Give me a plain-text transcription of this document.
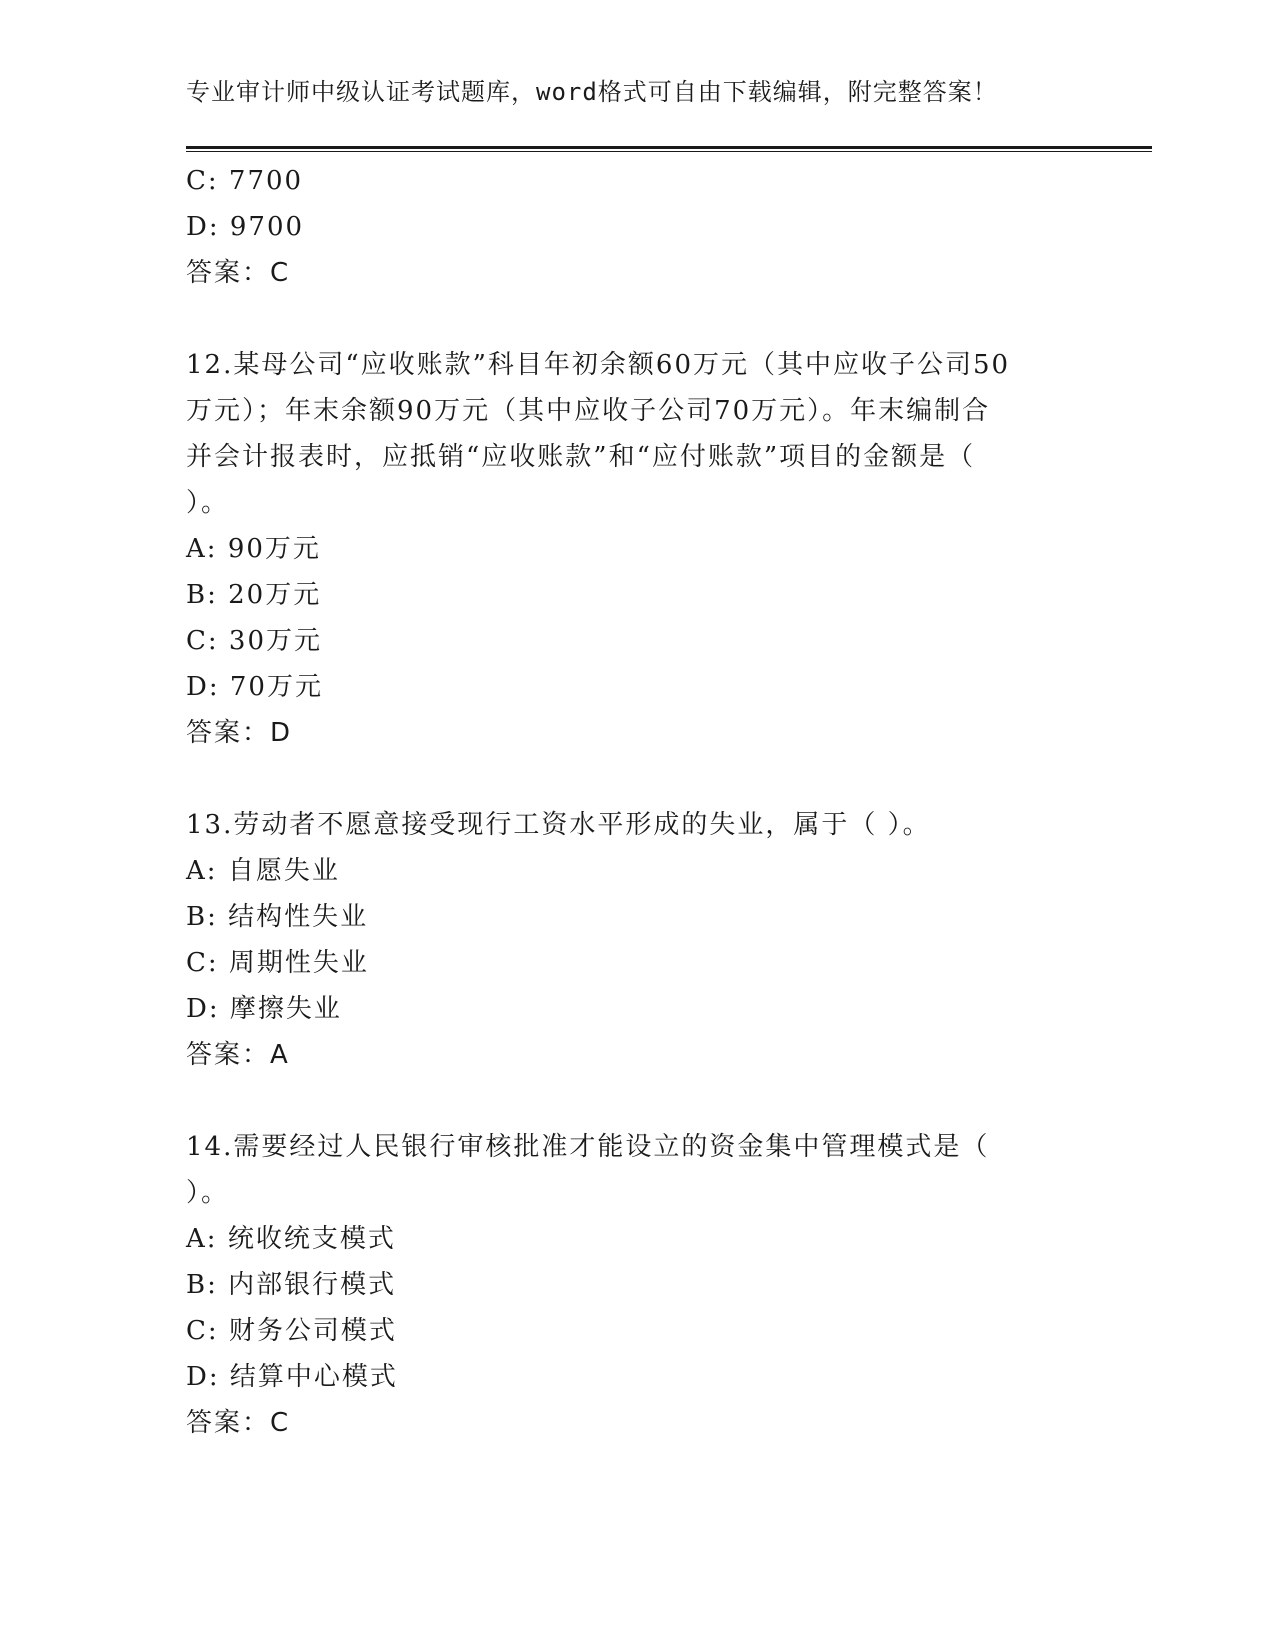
专业审计师中级认证考试题库，word格式可自由下载编辑，附完整答案！
C: 7700
D: 9700
答案：C
12.某母公司“应收账款”科目年初余额60万元（其中应收子公司50
万元）；年末余额90万元（其中应收子公司70万元）。年末编制合
并会计报表时，应抵销“应收账款”和“应付账款”项目的金额是（
）。
A: 90万元
B: 20万元
C: 30万元
D: 70万元
答案：D
13.劳动者不愿意接受现行工资水平形成的失业，属于（ ）。
A: 自愿失业
B: 结构性失业
C: 周期性失业
D: 摩擦失业
答案：A
14.需要经过人民银行审核批准才能设立的资金集中管理模式是（
）。
A: 统收统支模式
B: 内部银行模式
C: 财务公司模式
D: 结算中心模式
答案：C
